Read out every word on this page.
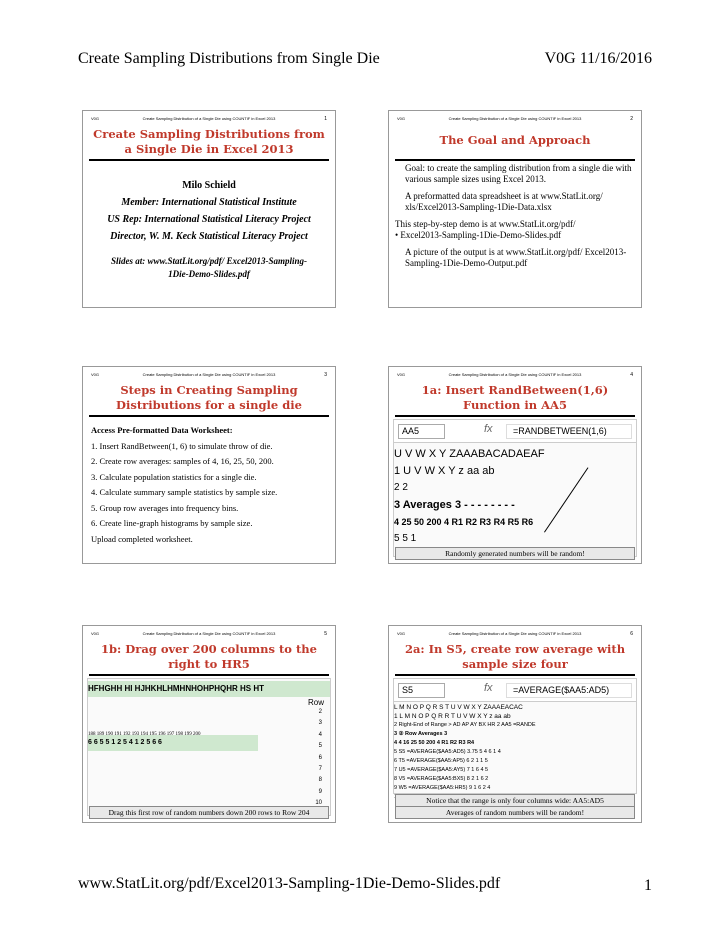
Create Sampling Distributions from Single Die	V0G 11/16/2016
V0G	Create Sampling Distribution of a Single Die using COUNTIF in Excel 2013	1
Create Sampling Distributions from a Single Die in Excel 2013
Milo Schield
Member: International Statistical Institute
US Rep: International Statistical Literacy Project
Director, W. M. Keck Statistical Literacy Project
Slides at: www.StatLit.org/pdf/ Excel2013-Sampling-1Die-Demo-Slides.pdf
V0G	Create Sampling Distribution of a Single Die using COUNTIF in Excel 2013	2
The Goal and Approach

Goal: to create the sampling distribution from a single die with various sample sizes using Excel 2013.

A preformatted data spreadsheet is at www.StatLit.org/ xls/Excel2013-Sampling-1Die-Data.xlsx

This step-by-step demo is at www.StatLit.org/pdf/

• Excel2013-Sampling-1Die-Demo-Slides.pdf

A picture of the output is at www.StatLit.org/pdf/ Excel2013-Sampling-1Die-Demo-Output.pdf

V0G	Create Sampling Distribution of a Single Die using COUNTIF in Excel 2013	3
Steps in Creating Sampling Distributions for a single die
Access Pre-formatted Data Worksheet:
1. Insert RandBetween(1, 6) to simulate throw of die.
2. Create row averages: samples of 4, 16, 25, 50, 200.
3. Calculate population statistics for a single die.
4. Calculate summary sample statistics by sample size.
5. Group row averages into frequency bins.
6. Create line-graph histograms by sample size.
Upload completed worksheet.
V0G	Create Sampling Distribution of a Single Die using COUNTIF in Excel 2013	4
1a: Insert RandBetween(1,6) Function in AA5
AA5	fx	=RANDBETWEEN(1,6)
U V W X Y ZAAABACADAEAF
1 U V W X Y z aa ab
2 2
3 Averages 3 - - - - - - - -
4 25 50 200 4 R1 R2 R3 R4 R5 R6
5 5 1
Randomly generated numbers will be random!
V0G	Create Sampling Distribution of a Single Die using COUNTIF in Excel 2013	5
1b: Drag over 200 columns to the right to HR5
HFHGHH HI HJHKHLHMHNHOHPHQHR HS HT
Row
2
3
4
5
6
7
8
9
10
6 6 5 5 1 2 5 4 1 2 5 6 6
Drag this first row of random numbers down 200 rows to Row 204
V0G	Create Sampling Distribution of a Single Die using COUNTIF in Excel 2013	6
2a: In S5, create row average with sample size four
S5	fx	=AVERAGE($AA5:AD5)
L M N O P Q R S T U V W X Y ZAAAEACAC
1 L M N O P Q R R T U V W X Y z aa ab
2 Right-End of Range > AD AP AY BX HR 2 AA5 =RANDE
3 ② Row Averages 3
4 4 16 25 50 200 4 R1 R2 R3 R4
5 S5 =AVERAGE($AA5:AD5) 3.75 5 4 6 1 4
6 T5 =AVERAGE($AA5:AP5) 6 2 1 1 5
7 U5 =AVERAGE($AA5:AY5) 7 1 6 4 5
8 V5 =AVERAGE($AA5:BX5) 8 2 1 6 2
9 W5 =AVERAGE($AA5:HR5) 9 1 6 2 4
Notice that the range is only four columns wide: AA5:AD5
Averages of random numbers will be random!
www.StatLit.org/pdf/Excel2013-Sampling-1Die-Demo-Slides.pdf	1
